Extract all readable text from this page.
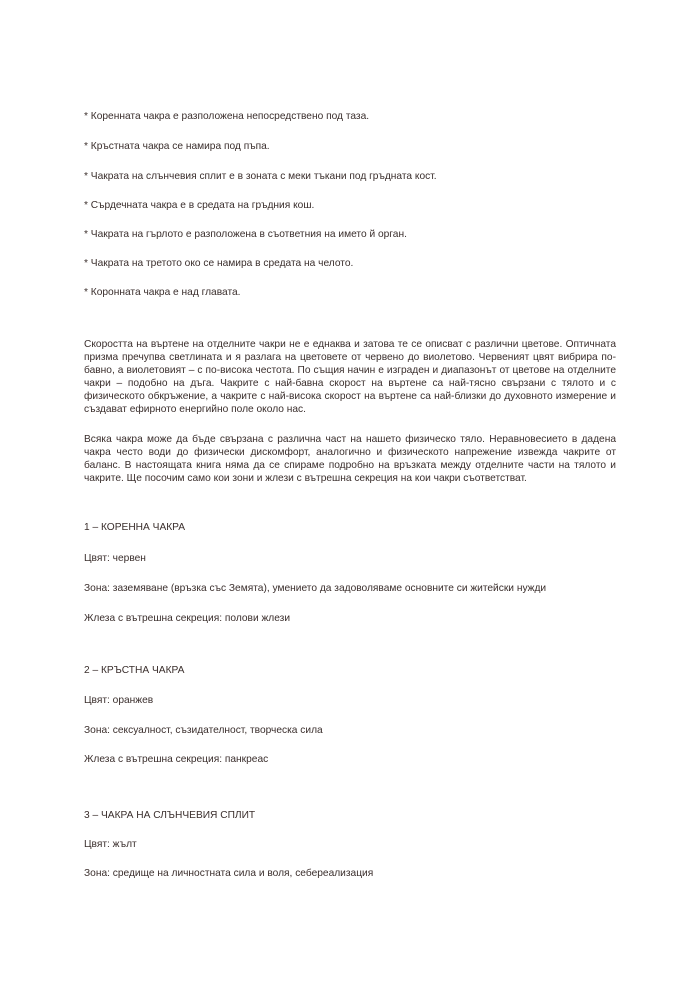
* Коренната чакра е разположена непосредствено под таза.

* Кръстната чакра се намира под пъпа.

* Чакрата на слънчевия сплит е в зоната с меки тъкани под гръдната кост.

* Сърдечната чакра е в средата на гръдния кош.

* Чакрата на гърлото е разположена в съответния на името й орган.

* Чакрата на третото око се намира в средата на челото.

* Коронната чакра е над главата.

Скоростта на въртене на отделните чакри не е еднаква и затова те се описват с различни цветове. Оптичната призма пречупва светлината и я разлага на цветовете от червено до виолетово. Червеният цвят вибрира по-бавно, а виолетовият – с по-висока честота. По същия начин е изграден и диапазонът от цветове на отделните чакри – подобно на дъга. Чакрите с най-бавна скорост на въртене са най-тясно свързани с тялото и с физическото обкръжение, а чакрите с най-висока скорост на въртене са най-близки до духовното измерение и създават ефирното енергийно поле около нас.

Всяка чакра може да бъде свързана с различна част на нашето физическо тяло. Неравновесието в дадена чакра често води до физически дискомфорт, аналогично и физическото напрежение извежда чакрите от баланс. В настоящата книга няма да се спираме подробно на връзката между отделните части на тялото и чакрите. Ще посочим само кои зони и жлези с вътрешна секреция на кои чакри съответстват.

1 – КОРЕННА ЧАКРА

Цвят: червен

Зона: заземяване (връзка със Земята), умението да задоволяваме основните си житейски нужди

Жлеза с вътрешна секреция: полови жлези

2 – КРЪСТНА ЧАКРА

Цвят: оранжев

Зона: сексуалност, съзидателност, творческа сила

Жлеза с вътрешна секреция: панкреас

3 – ЧАКРА НА СЛЪНЧЕВИЯ СПЛИТ

Цвят: жълт

Зона: средище на личностната сила и воля, себереализация
